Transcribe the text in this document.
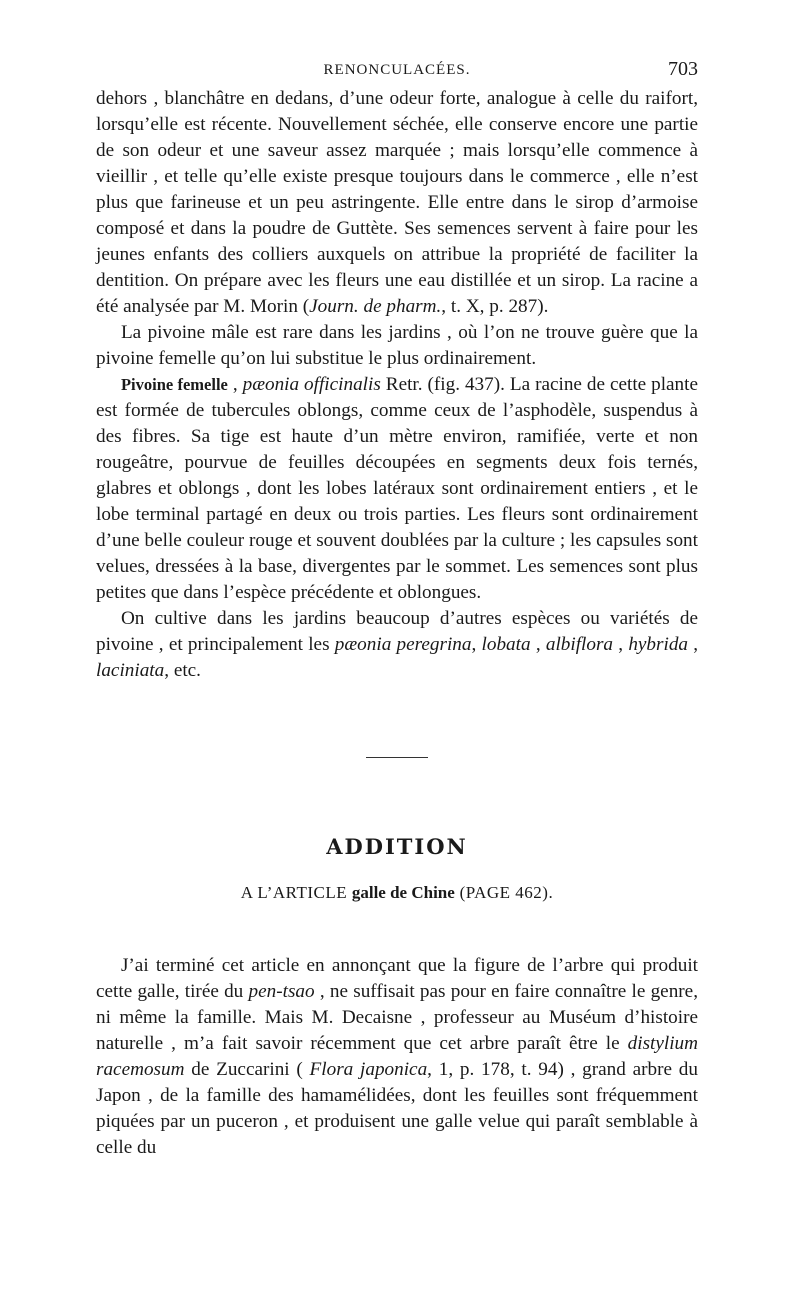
RENONCULACÉES.	703

dehors , blanchâtre en dedans, d’une odeur forte, analogue à celle du raifort, lorsqu’elle est récente. Nouvellement séchée, elle conserve encore une partie de son odeur et une saveur assez marquée ; mais lorsqu’elle commence à vieillir , et telle qu’elle existe presque toujours dans le commerce , elle n’est plus que farineuse et un peu astringente. Elle entre dans le sirop d’armoise composé et dans la poudre de Guttète. Ses semences servent à faire pour les jeunes enfants des colliers auxquels on attribue la propriété de faciliter la dentition. On prépare avec les fleurs une eau distillée et un sirop. La racine a été analysée par M. Morin (Journ. de pharm., t. X, p. 287).

La pivoine mâle est rare dans les jardins , où l’on ne trouve guère que la pivoine femelle qu’on lui substitue le plus ordinairement.

Pivoine femelle , pæonia officinalis Retr. (fig. 437). La racine de cette plante est formée de tubercules oblongs, comme ceux de l’asphodèle, suspendus à des fibres. Sa tige est haute d’un mètre environ, ramifiée, verte et non rougeâtre, pourvue de feuilles découpées en segments deux fois ternés, glabres et oblongs , dont les lobes latéraux sont ordinairement entiers , et le lobe terminal partagé en deux ou trois parties. Les fleurs sont ordinairement d’une belle couleur rouge et souvent doublées par la culture ; les capsules sont velues, dressées à la base, divergentes par le sommet. Les semences sont plus petites que dans l’espèce précédente et oblongues.

On cultive dans les jardins beaucoup d’autres espèces ou variétés de pivoine , et principalement les pæonia peregrina, lobata , albiflora , hybrida , laciniata, etc.

ADDITION
A L’ARTICLE galle de Chine (PAGE 462).

J’ai terminé cet article en annonçant que la figure de l’arbre qui produit cette galle, tirée du pen-tsao , ne suffisait pas pour en faire connaître le genre, ni même la famille. Mais M. Decaisne , professeur au Muséum d’histoire naturelle , m’a fait savoir récemment que cet arbre paraît être le distylium racemosum de Zuccarini ( Flora japonica, 1, p. 178, t. 94) , grand arbre du Japon , de la famille des hamamélidées, dont les feuilles sont fréquemment piquées par un puceron , et produisent une galle velue qui paraît semblable à celle du
